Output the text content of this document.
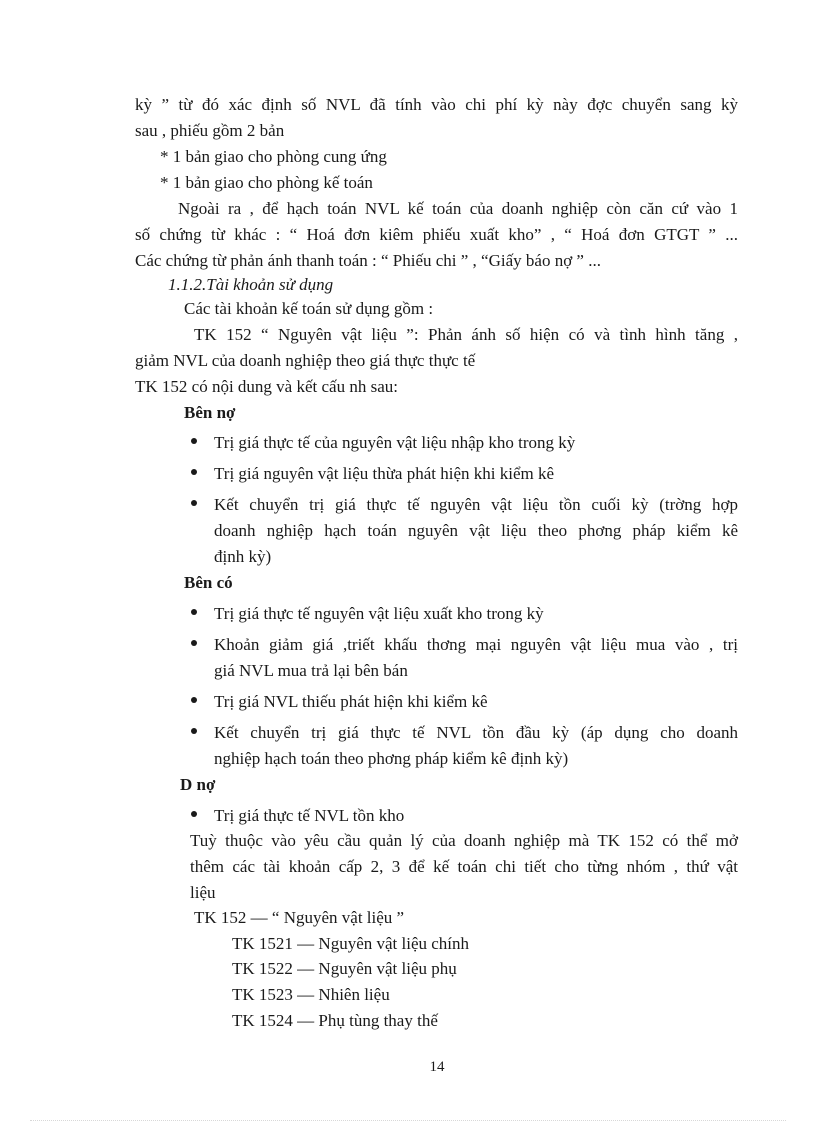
kỳ ” từ đó xác định số NVL đã tính vào chi phí kỳ này đợc chuyển sang kỳ
sau , phiếu gồm 2 bản
* 1 bản giao cho phòng cung ứng
* 1 bản giao cho phòng kế toán
Ngoài ra , để hạch toán NVL kế toán của doanh nghiệp còn căn cứ vào 1
số chứng từ khác : “ Hoá đơn kiêm phiếu xuất kho” , “ Hoá đơn GTGT ” ...
Các chứng từ phản ánh thanh toán : “ Phiếu chi ” , “Giấy báo nợ ” ...
1.1.2.Tài khoản sử dụng
Các tài khoản kế toán sử dụng gồm :
TK 152 “ Nguyên vật liệu ”: Phản ánh số hiện có và tình hình tăng ,
giảm NVL của doanh nghiệp theo giá thực thực tế
TK 152 có nội dung và kết cấu nh sau:
Bên nợ
Trị giá thực tế của nguyên vật liệu nhập kho trong kỳ
Trị giá nguyên vật liệu thừa phát hiện khi kiểm kê
Kết chuyển trị giá thực tế nguyên vật liệu tồn cuối kỳ (trờng hợp
doanh nghiệp hạch toán nguyên vật liệu theo phơng pháp kiểm kê
định kỳ)
Bên có
Trị giá thực tế nguyên vật liệu xuất kho trong kỳ
Khoản giảm giá ,triết khấu thơng mại nguyên vật liệu mua vào , trị
giá NVL mua trả lại bên bán
Trị giá NVL thiếu phát hiện khi kiểm kê
Kết chuyển trị giá thực tế NVL tồn đầu kỳ (áp dụng cho doanh
nghiệp hạch toán theo phơng pháp kiểm kê định kỳ)
D nợ
Trị giá thực tế NVL tồn kho
Tuỳ thuộc vào yêu cầu quản lý của doanh nghiệp mà TK 152 có thể mở
thêm các tài khoản cấp 2, 3 để kế toán chi tiết cho từng nhóm , thứ vật
liệu
TK 152 — “ Nguyên vật liệu ”
TK 1521 — Nguyên vật liệu chính
TK 1522 — Nguyên vật liệu phụ
TK 1523 — Nhiên liệu
TK 1524 — Phụ tùng thay thế
14
